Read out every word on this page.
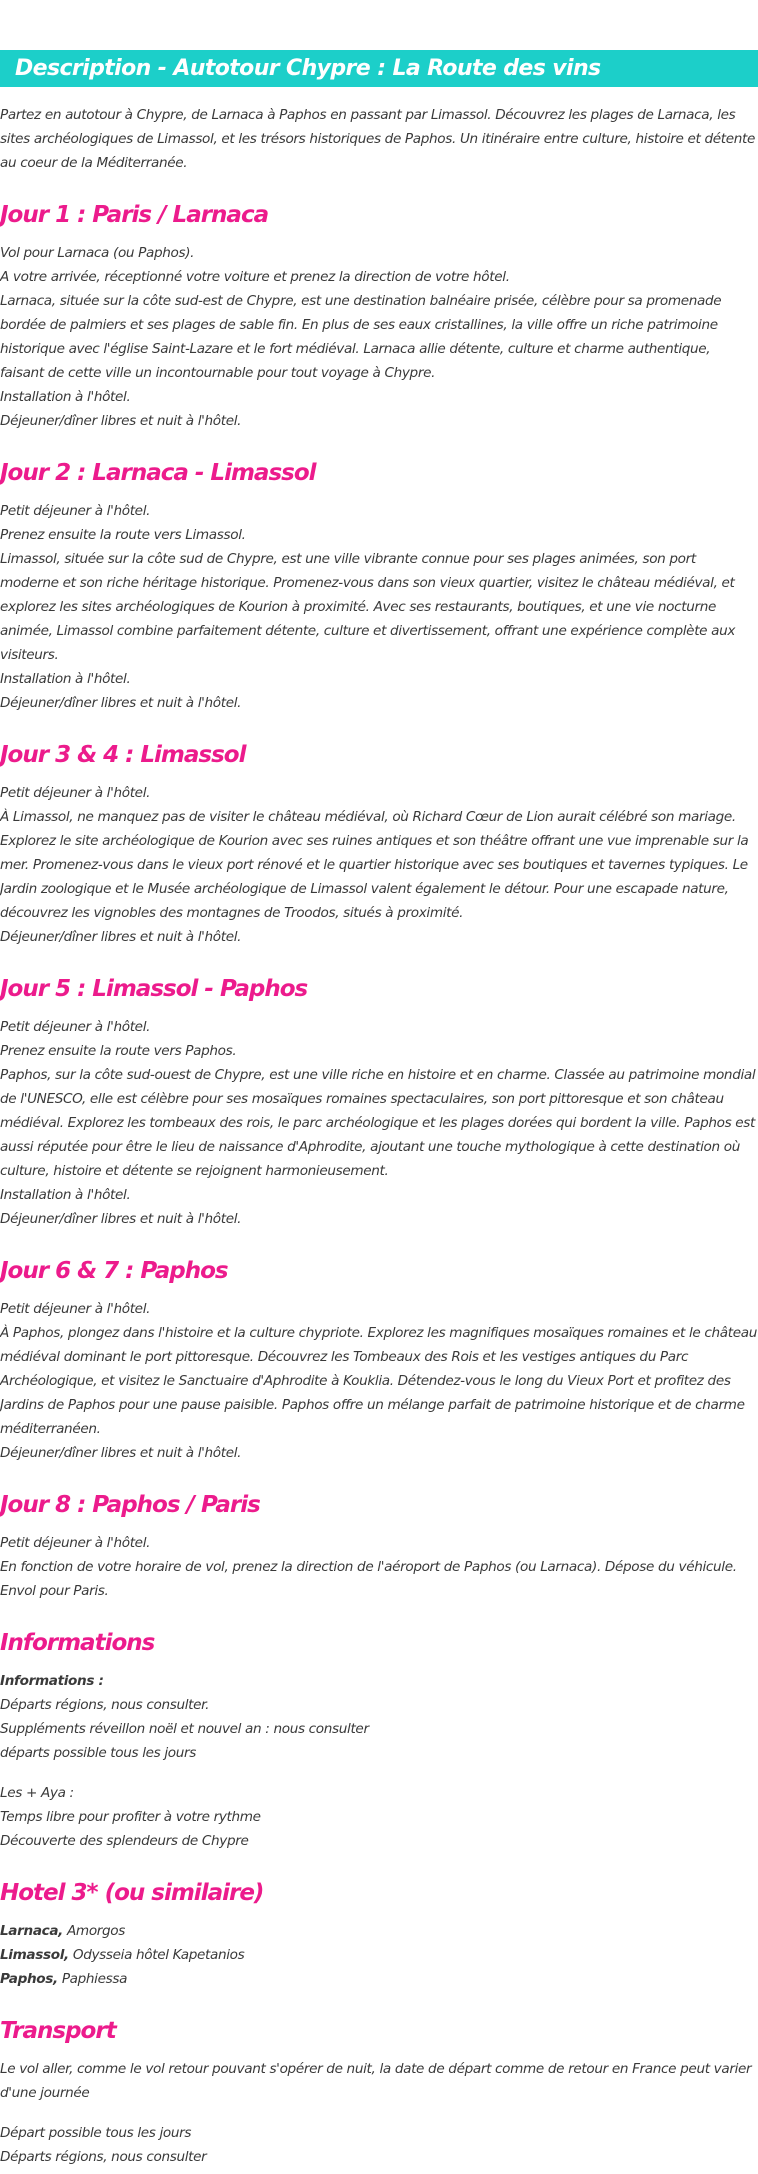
Description - Autotour Chypre : La Route des vins

Partez en autotour à Chypre, de Larnaca à Paphos en passant par Limassol. Découvrez les plages de Larnaca, les sites archéologiques de Limassol, et les trésors historiques de Paphos. Un itinéraire entre culture, histoire et détente au coeur de la Méditerranée.

Jour 1 : Paris / Larnaca
Vol pour Larnaca (ou Paphos).
A votre arrivée, réceptionné votre voiture et prenez la direction de votre hôtel.
Larnaca, située sur la côte sud-est de Chypre, est une destination balnéaire prisée, célèbre pour sa promenade bordée de palmiers et ses plages de sable fin. En plus de ses eaux cristallines, la ville offre un riche patrimoine historique avec l'église Saint-Lazare et le fort médiéval. Larnaca allie détente, culture et charme authentique, faisant de cette ville un incontournable pour tout voyage à Chypre.
Installation à l'hôtel.
Déjeuner/dîner libres et nuit à l'hôtel.
Jour 2 : Larnaca - Limassol
Petit déjeuner à l'hôtel.
Prenez ensuite la route vers Limassol.
Limassol, située sur la côte sud de Chypre, est une ville vibrante connue pour ses plages animées, son port moderne et son riche héritage historique. Promenez-vous dans son vieux quartier, visitez le château médiéval, et explorez les sites archéologiques de Kourion à proximité. Avec ses restaurants, boutiques, et une vie nocturne animée, Limassol combine parfaitement détente, culture et divertissement, offrant une expérience complète aux visiteurs.
Installation à l'hôtel.
Déjeuner/dîner libres et nuit à l'hôtel.
Jour 3 & 4 : Limassol
Petit déjeuner à l'hôtel.
À Limassol, ne manquez pas de visiter le château médiéval, où Richard Cœur de Lion aurait célébré son mariage. Explorez le site archéologique de Kourion avec ses ruines antiques et son théâtre offrant une vue imprenable sur la mer. Promenez-vous dans le vieux port rénové et le quartier historique avec ses boutiques et tavernes typiques. Le Jardin zoologique et le Musée archéologique de Limassol valent également le détour. Pour une escapade nature, découvrez les vignobles des montagnes de Troodos, situés à proximité.
Déjeuner/dîner libres et nuit à l'hôtel.
Jour 5 : Limassol - Paphos
Petit déjeuner à l'hôtel.
Prenez ensuite la route vers Paphos.
Paphos, sur la côte sud-ouest de Chypre, est une ville riche en histoire et en charme. Classée au patrimoine mondial de l'UNESCO, elle est célèbre pour ses mosaïques romaines spectaculaires, son port pittoresque et son château médiéval. Explorez les tombeaux des rois, le parc archéologique et les plages dorées qui bordent la ville. Paphos est aussi réputée pour être le lieu de naissance d'Aphrodite, ajoutant une touche mythologique à cette destination où culture, histoire et détente se rejoignent harmonieusement.
Installation à l'hôtel.
Déjeuner/dîner libres et nuit à l'hôtel.
Jour 6 & 7 : Paphos
Petit déjeuner à l'hôtel.
À Paphos, plongez dans l'histoire et la culture chypriote. Explorez les magnifiques mosaïques romaines et le château médiéval dominant le port pittoresque. Découvrez les Tombeaux des Rois et les vestiges antiques du Parc Archéologique, et visitez le Sanctuaire d'Aphrodite à Kouklia. Détendez-vous le long du Vieux Port et profitez des Jardins de Paphos pour une pause paisible. Paphos offre un mélange parfait de patrimoine historique et de charme méditerranéen.
Déjeuner/dîner libres et nuit à l'hôtel.
Jour 8 : Paphos / Paris
Petit déjeuner à l'hôtel.
En fonction de votre horaire de vol, prenez la direction de l'aéroport de Paphos (ou Larnaca). Dépose du véhicule. Envol pour Paris.
Informations
Informations :
Départs régions, nous consulter.
Suppléments réveillon noël et nouvel an : nous consulter
départs possible tous les jours
Les + Aya :
Temps libre pour profiter à votre rythme
Découverte des splendeurs de Chypre
Hotel 3* (ou similaire)
Larnaca, Amorgos
Limassol, Odysseia hôtel Kapetanios
Paphos, Paphiessa
Transport
Le vol aller, comme le vol retour pouvant s'opérer de nuit, la date de départ comme de retour en France peut varier d'une journée
Départ possible tous les jours
Départs régions, nous consulter
